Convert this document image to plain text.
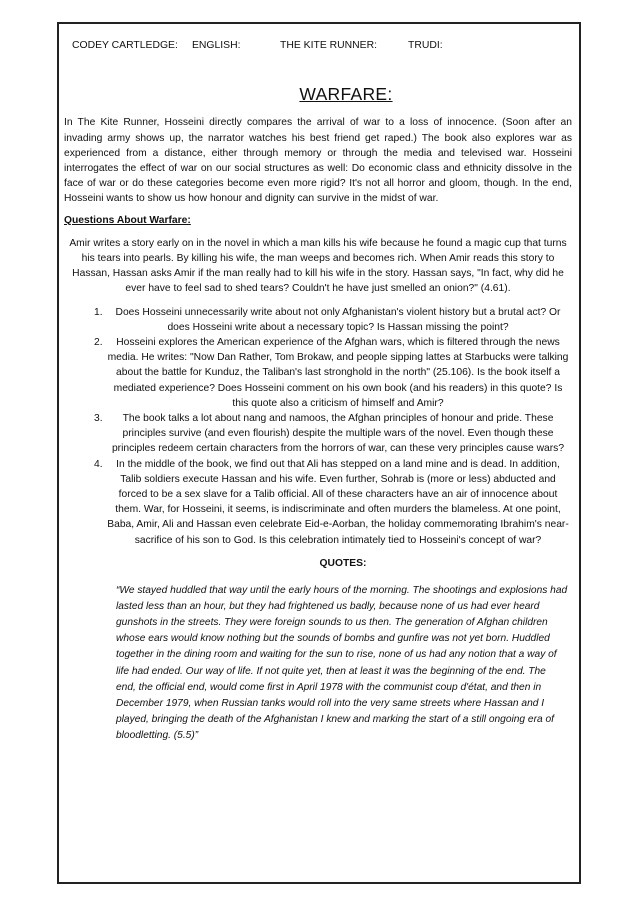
CODEY CARTLEDGE:	ENGLISH:	THE KITE RUNNER:	TRUDI:
WARFARE:

In The Kite Runner, Hosseini directly compares the arrival of war to a loss of innocence. (Soon after an invading army shows up, the narrator watches his best friend get raped.) The book also explores war as experienced from a distance, either through memory or through the media and televised war. Hosseini interrogates the effect of war on our social structures as well: Do economic class and ethnicity dissolve in the face of war or do these categories become even more rigid? It's not all horror and gloom, though. In the end, Hosseini wants to show us how honour and dignity can survive in the midst of war.

Questions About Warfare:

Amir writes a story early on in the novel in which a man kills his wife because he found a magic cup that turns his tears into pearls. By killing his wife, the man weeps and becomes rich. When Amir reads this story to Hassan, Hassan asks Amir if the man really had to kill his wife in the story. Hassan says, "In fact, why did he ever have to feel sad to shed tears? Couldn't he have just smelled an onion?" (4.61).

1. Does Hosseini unnecessarily write about not only Afghanistan's violent history but a brutal act? Or does Hosseini write about a necessary topic? Is Hassan missing the point?
2. Hosseini explores the American experience of the Afghan wars, which is filtered through the news media. He writes: "Now Dan Rather, Tom Brokaw, and people sipping lattes at Starbucks were talking about the battle for Kunduz, the Taliban's last stronghold in the north" (25.106). Is the book itself a mediated experience? Does Hosseini comment on his own book (and his readers) in this quote? Is this quote also a criticism of himself and Amir?
3. The book talks a lot about nang and namoos, the Afghan principles of honour and pride. These principles survive (and even flourish) despite the multiple wars of the novel. Even though these principles redeem certain characters from the horrors of war, can these very principles cause wars?
4. In the middle of the book, we find out that Ali has stepped on a land mine and is dead. In addition, Talib soldiers execute Hassan and his wife. Even further, Sohrab is (more or less) abducted and forced to be a sex slave for a Talib official. All of these characters have an air of innocence about them. War, for Hosseini, it seems, is indiscriminate and often murders the blameless. At one point, Baba, Amir, Ali and Hassan even celebrate Eid-e-Aorban, the holiday commemorating Ibrahim's near-sacrifice of his son to God. Is this celebration intimately tied to Hosseini's concept of war?
QUOTES:

“We stayed huddled that way until the early hours of the morning. The shootings and explosions had lasted less than an hour, but they had frightened us badly, because none of us had ever heard gunshots in the streets. They were foreign sounds to us then. The generation of Afghan children whose ears would know nothing but the sounds of bombs and gunfire was not yet born. Huddled together in the dining room and waiting for the sun to rise, none of us had any notion that a way of life had ended. Our way of life. If not quite yet, then at least it was the beginning of the end. The end, the official end, would come first in April 1978 with the communist coup d'état, and then in December 1979, when Russian tanks would roll into the very same streets where Hassan and I played, bringing the death of the Afghanistan I knew and marking the start of a still ongoing era of bloodletting. (5.5)”
